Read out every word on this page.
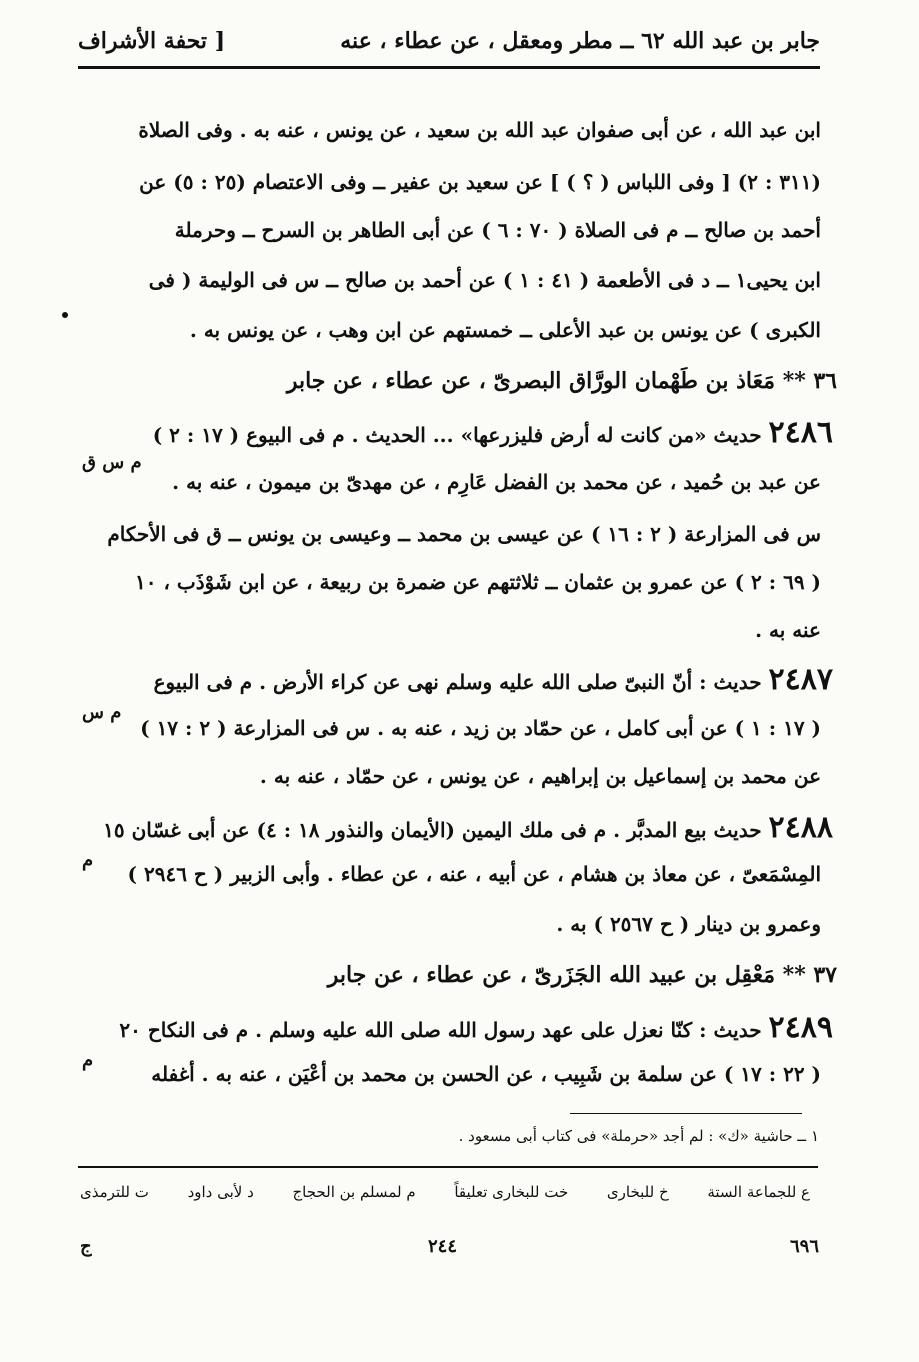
جابر بن عبد الله ٦٢ ــ مطر ومعقل ، عن عطاء ، عنه
[ تحفة الأشراف
ابن عبد الله ، عن أبى صفوان عبد الله بن سعيد ، عن يونس ، عنه به . وفى الصلاة
(٣١١ : ٢) [ وفى اللباس ( ؟ ) ] عن سعيد بن عفير ــ وفى الاعتصام (٢٥ : ٥) عن
أحمد بن صالح ــ م فى الصلاة ( ٧٠ : ٦ ) عن أبى الطاهر بن السرح ــ وحرملة
ابن يحيى١ ــ د فى الأطعمة ( ٤١ : ١ ) عن أحمد بن صالح ــ س فى الوليمة ( فى
الكبرى ) عن يونس بن عبد الأعلى ــ خمستهم عن ابن وهب ، عن يونس به .
٣٦ ** مَعَاذ بن طَهْمان الورَّاق البصرىّ ، عن عطاء ، عن جابر
٢٤٨٦ حديث «من كانت له أرض فليزرعها» ... الحديث . م فى البيوع ( ١٧ : ٢ )
م س ق
عن عبد بن حُميد ، عن محمد بن الفضل عَارِم ، عن مهدىّ بن ميمون ، عنه به .
س فى المزارعة ( ٢ : ١٦ ) عن عيسى بن محمد ــ وعيسى بن يونس ــ ق فى الأحكام
( ٦٩ : ٢ ) عن عمرو بن عثمان ــ ثلاثتهم عن ضمرة بن ربيعة ، عن ابن شَوْذَب ، ١٠
عنه به .
٢٤٨٧ حديث : أنّ النبىّ صلى الله عليه وسلم نهى عن كراء الأرض . م فى البيوع
م س
( ١٧ : ١ ) عن أبى كامل ، عن حمّاد بن زيد ، عنه به . س فى المزارعة ( ٢ : ١٧ )
عن محمد بن إسماعيل بن إبراهيم ، عن يونس ، عن حمّاد ، عنه به .
٢٤٨٨ حديث بيع المدبَّر . م فى ملك اليمين (الأيمان والنذور ١٨ : ٤) عن أبى غسّان ١٥
م
المِسْمَعىّ ، عن معاذ بن هشام ، عن أبيه ، عنه ، عن عطاء . وأبى الزبير ( ح ٢٩٤٦ )
وعمرو بن دينار ( ح ٢٥٦٧ ) به .
٣٧ ** مَعْقِل بن عبيد الله الجَزَرىّ ، عن عطاء ، عن جابر
٢٤٨٩ حديث : كنّا نعزل على عهد رسول الله صلى الله عليه وسلم . م فى النكاح ٢٠
م
( ٢٢ : ١٧ ) عن سلمة بن شَبِيب ، عن الحسن بن محمد بن أعْيَن ، عنه به . أغفله
١ ــ حاشية «ك» : لم أجد «حرملة» فى كتاب أبى مسعود .
ع للجماعة الستة
خ للبخارى
خت للبخارى تعليقاً
م لمسلم بن الحجاج
د لأبى داود
ت للترمذى
٦٩٦
٢٤٤
ج
